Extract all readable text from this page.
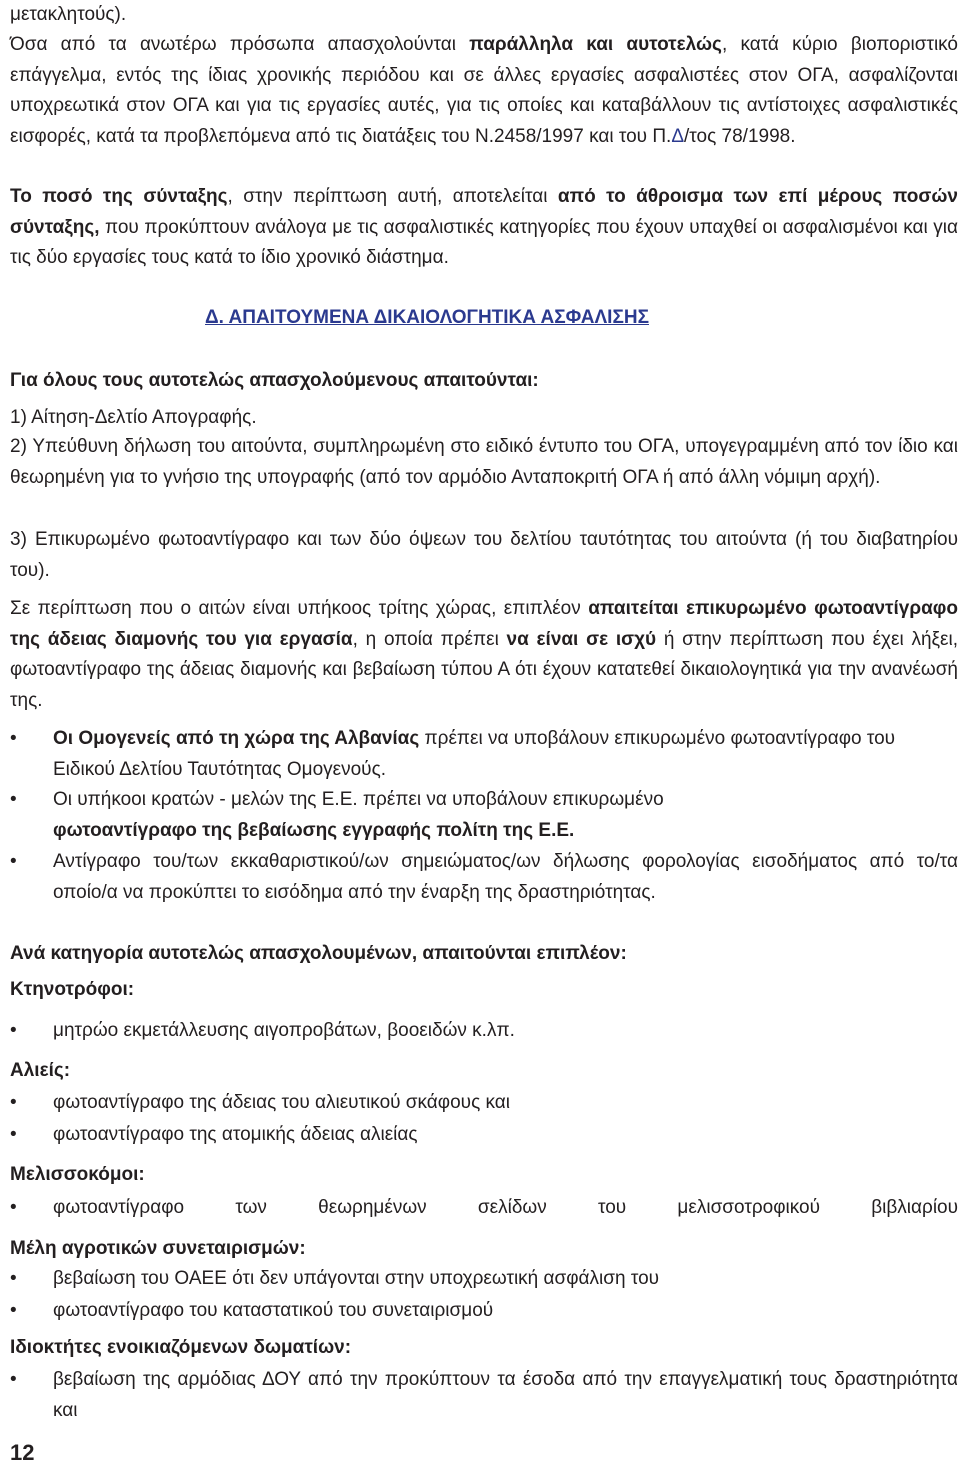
μετακλητούς).

Όσα από τα ανωτέρω πρόσωπα απασχολούνται παράλληλα και αυτοτελώς, κατά κύριο βιοποριστικό επάγγελμα, εντός της ίδιας χρονικής περιόδου και σε άλλες εργασίες ασφαλιστέες στον ΟΓΑ, ασφαλίζονται υποχρεωτικά στον ΟΓΑ και για τις εργασίες αυτές, για τις οποίες και καταβάλλουν τις αντίστοιχες ασφαλιστικές εισφορές, κατά τα προβλεπόμενα από τις διατάξεις του Ν.2458/1997 και του Π.Δ/τος 78/1998.

Το ποσό της σύνταξης, στην περίπτωση αυτή, αποτελείται από το άθροισμα των επί μέρους ποσών σύνταξης, που προκύπτουν ανάλογα με τις ασφαλιστικές κατηγορίες που έχουν υπαχθεί οι ασφαλισμένοι και για τις δύο εργασίες τους κατά το ίδιο χρονικό διάστημα.

Δ. ΑΠΑΙΤΟΥΜΕΝΑ ΔΙΚΑΙΟΛΟΓΗΤΙΚΑ ΑΣΦΑΛΙΣΗΣ

Για όλους τους αυτοτελώς απασχολούμενους απαιτούνται:

1) Αίτηση-Δελτίο Απογραφής.

2) Υπεύθυνη δήλωση του αιτούντα, συμπληρωμένη στο ειδικό έντυπο του ΟΓΑ, υπογεγραμμένη από τον ίδιο και θεωρημένη για το γνήσιο της υπογραφής (από τον αρμόδιο Ανταποκριτή ΟΓΑ ή από άλλη νόμιμη αρχή).

3) Επικυρωμένο φωτοαντίγραφο και των δύο όψεων του δελτίου ταυτότητας του αιτούντα (ή του διαβατηρίου του).

Σε περίπτωση που ο αιτών είναι υπήκοος τρίτης χώρας, επιπλέον απαιτείται επικυρωμένο φωτοαντίγραφο της άδειας διαμονής του για εργασία, η οποία πρέπει να είναι σε ισχύ ή στην περίπτωση που έχει λήξει, φωτοαντίγραφο της άδειας διαμονής και βεβαίωση τύπου Α ότι έχουν κατατεθεί δικαιολογητικά για την ανανέωσή της.

•	Οι Ομογενείς από τη χώρα της Αλβανίας πρέπει να υποβάλουν επικυρωμένο φωτοαντίγραφο του Ειδικού Δελτίου Ταυτότητας Ομογενούς.

•	Οι υπήκοοι κρατών - μελών της Ε.Ε. πρέπει να υποβάλουν επικυρωμένο
φωτοαντίγραφο της βεβαίωσης εγγραφής πολίτη της Ε.Ε.

•	Αντίγραφο του/των εκκαθαριστικού/ων σημειώματος/ων δήλωσης φορολογίας εισοδήματος από το/τα οποίο/α να προκύπτει το εισόδημα από την έναρξη της δραστηριότητας.

Ανά κατηγορία αυτοτελώς απασχολουμένων, απαιτούνται επιπλέον:

Κτηνοτρόφοι:

•	μητρώο εκμετάλλευσης αιγοπροβάτων, βοοειδών κ.λπ.

Αλιείς:

•	φωτοαντίγραφο της άδειας του αλιευτικού σκάφους και

•	φωτοαντίγραφο της ατομικής άδειας αλιείας

Μελισσοκόμοι:

•	φωτοαντίγραφο των θεωρημένων σελίδων του μελισσοτροφικού βιβλιαρίου

Μέλη αγροτικών συνεταιρισμών:

•	βεβαίωση του ΟΑΕΕ ότι δεν υπάγονται στην υποχρεωτική ασφάλιση του

•	φωτοαντίγραφο του καταστατικού του συνεταιρισμού

Ιδιοκτήτες ενοικιαζόμενων δωματίων:

•	βεβαίωση της αρμόδιας ΔΟΥ από την προκύπτουν τα έσοδα από την επαγγελματική τους δραστηριότητα και

12
